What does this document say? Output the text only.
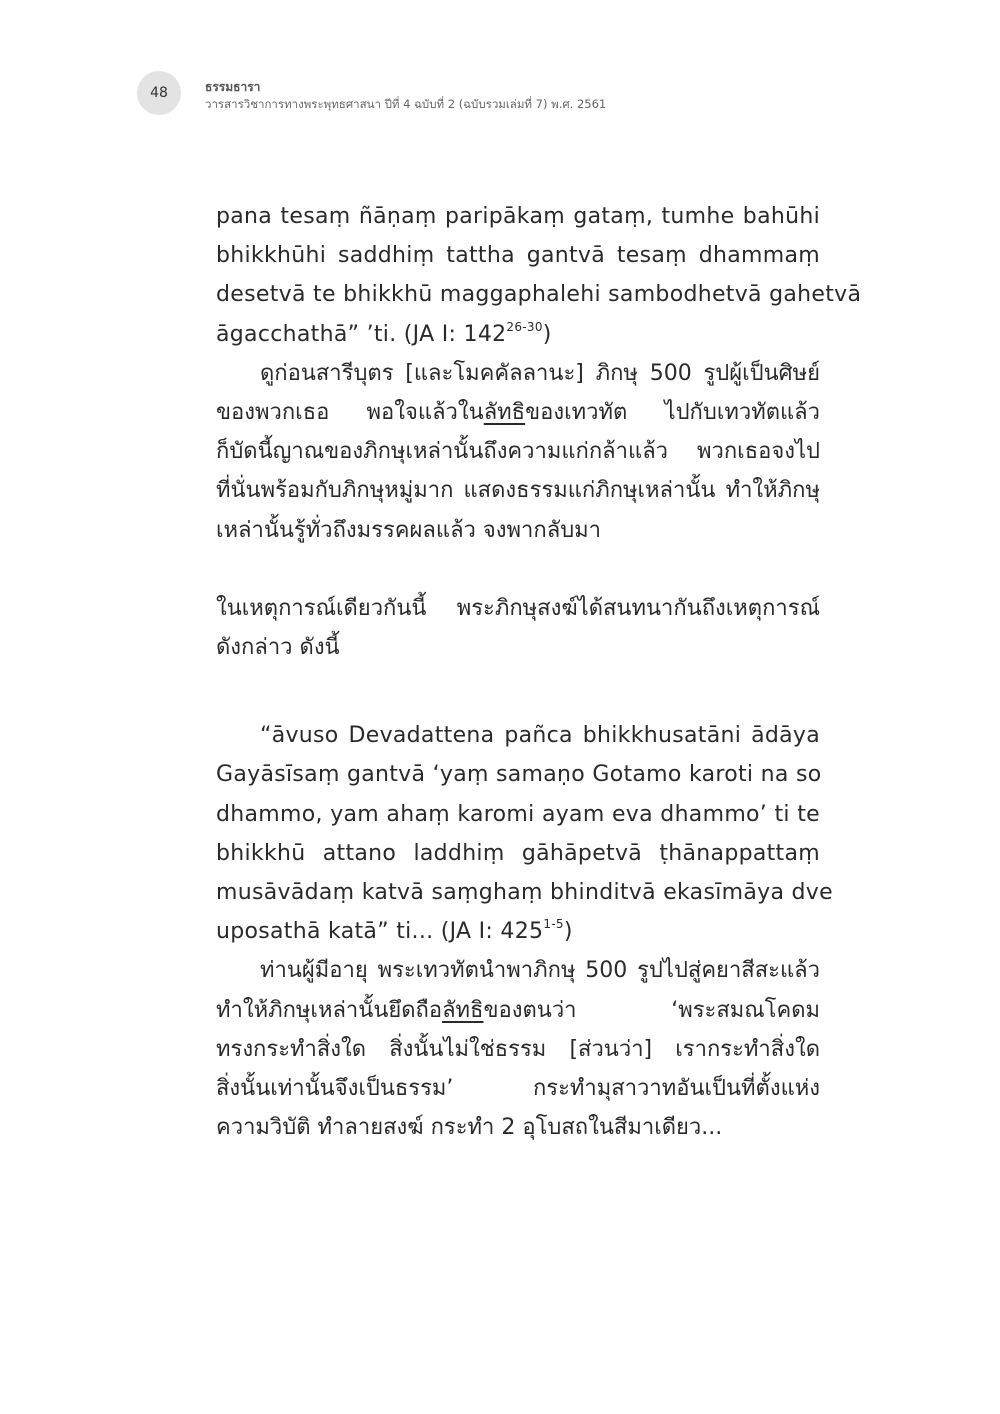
48	ธรรมธารา
วารสารวิชาการทางพระพุทธศาสนา ปีที่ 4 ฉบับที่ 2 (ฉบับรวมเล่มที่ 7) พ.ศ. 2561
pana tesaṃ ñāṇaṃ paripākaṃ gataṃ, tumhe bahūhi
bhikkhūhi saddhiṃ tattha gantvā tesaṃ dhammaṃ
desetvā te bhikkhū maggaphalehi sambodhetvā gahetvā
āgacchathā” ’ti. (JA I: 142$^{26-30}$)
ดูก่อนสารีบุตร [และโมคคัลลานะ] ภิกษุ 500 รูปผู้เป็นศิษย์
ของพวกเธอ พอใจแล้วในลัทธิของเทวทัต ไปกับเทวทัตแล้ว
ก็บัดนี้ญาณของภิกษุเหล่านั้นถึงความแก่กล้าแล้ว พวกเธอจงไป
ที่นั่นพร้อมกับภิกษุหมู่มาก แสดงธรรมแก่ภิกษุเหล่านั้น ทำให้ภิกษุ
เหล่านั้นรู้ทั่วถึงมรรคผลแล้ว จงพากลับมา
ในเหตุการณ์เดียวกันนี้ พระภิกษุสงฆ์ได้สนทนากันถึงเหตุการณ์
ดังกล่าว ดังนี้
“āvuso Devadattena pañca bhikkhusatāni ādāya
Gayāsīsaṃ gantvā ‘yaṃ samaṇo Gotamo karoti na so
dhammo, yam ahaṃ karomi ayam eva dhammo’ ti te
bhikkhū attano laddhiṃ gāhāpetvā ṭhānappattaṃ
musāvādaṃ katvā saṃghaṃ bhinditvā ekasīmāya dve
uposathā katā” ti... (JA I: 425$^{1-5}$)
ท่านผู้มีอายุ พระเทวทัตนำพาภิกษุ 500 รูปไปสู่คยาสีสะแล้ว
ทำให้ภิกษุเหล่านั้นยึดถือลัทธิของตนว่า ‘พระสมณโคดม
ทรงกระทำสิ่งใด สิ่งนั้นไม่ใช่ธรรม [ส่วนว่า] เรากระทำสิ่งใด
สิ่งนั้นเท่านั้นจึงเป็นธรรม’ กระทำมุสาวาทอันเป็นที่ตั้งแห่ง
ความวิบัติ ทำลายสงฆ์ กระทำ 2 อุโบสถในสีมาเดียว...
